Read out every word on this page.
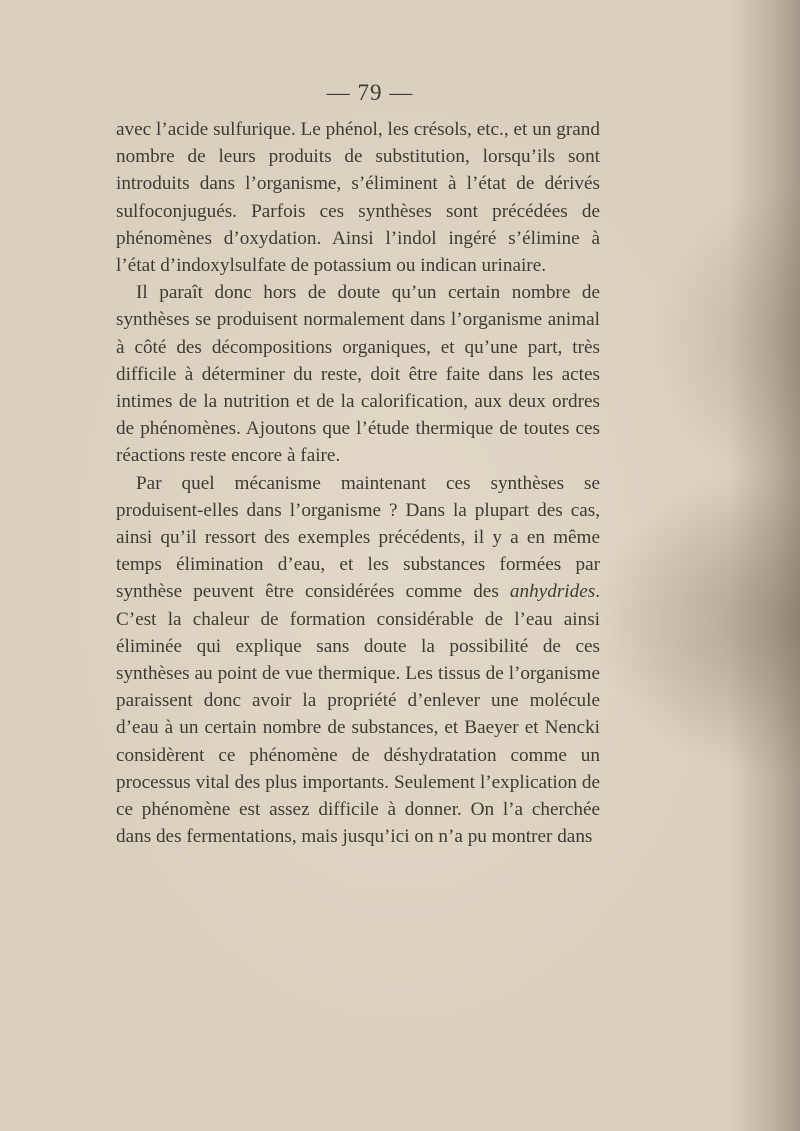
— 79 —

avec l’acide sulfurique. Le phénol, les crésols, etc., et un grand nombre de leurs produits de substitution, lorsqu’ils sont introduits dans l’organisme, s’éliminent à l’état de dérivés sulfoconjugués. Parfois ces synthèses sont précédées de phénomènes d’oxydation. Ainsi l’indol ingéré s’élimine à l’état d’indoxylsulfate de potassium ou indican urinaire.

Il paraît donc hors de doute qu’un certain nombre de synthèses se produisent normalement dans l’organisme animal à côté des décompositions organiques, et qu’une part, très difficile à déterminer du reste, doit être faite dans les actes intimes de la nutrition et de la calorification, aux deux ordres de phénomènes. Ajoutons que l’étude thermique de toutes ces réactions reste encore à faire.

Par quel mécanisme maintenant ces synthèses se produisent-elles dans l’organisme ? Dans la plupart des cas, ainsi qu’il ressort des exemples précédents, il y a en même temps élimination d’eau, et les substances formées par synthèse peuvent être considérées comme des anhydrides. C’est la chaleur de formation considérable de l’eau ainsi éliminée qui explique sans doute la possibilité de ces synthèses au point de vue thermique. Les tissus de l’organisme paraissent donc avoir la propriété d’enlever une molécule d’eau à un certain nombre de substances, et Baeyer et Nencki considèrent ce phénomène de déshydratation comme un processus vital des plus importants. Seulement l’explication de ce phénomène est assez difficile à donner. On l’a cherchée dans des fermentations, mais jusqu’ici on n’a pu montrer dans
